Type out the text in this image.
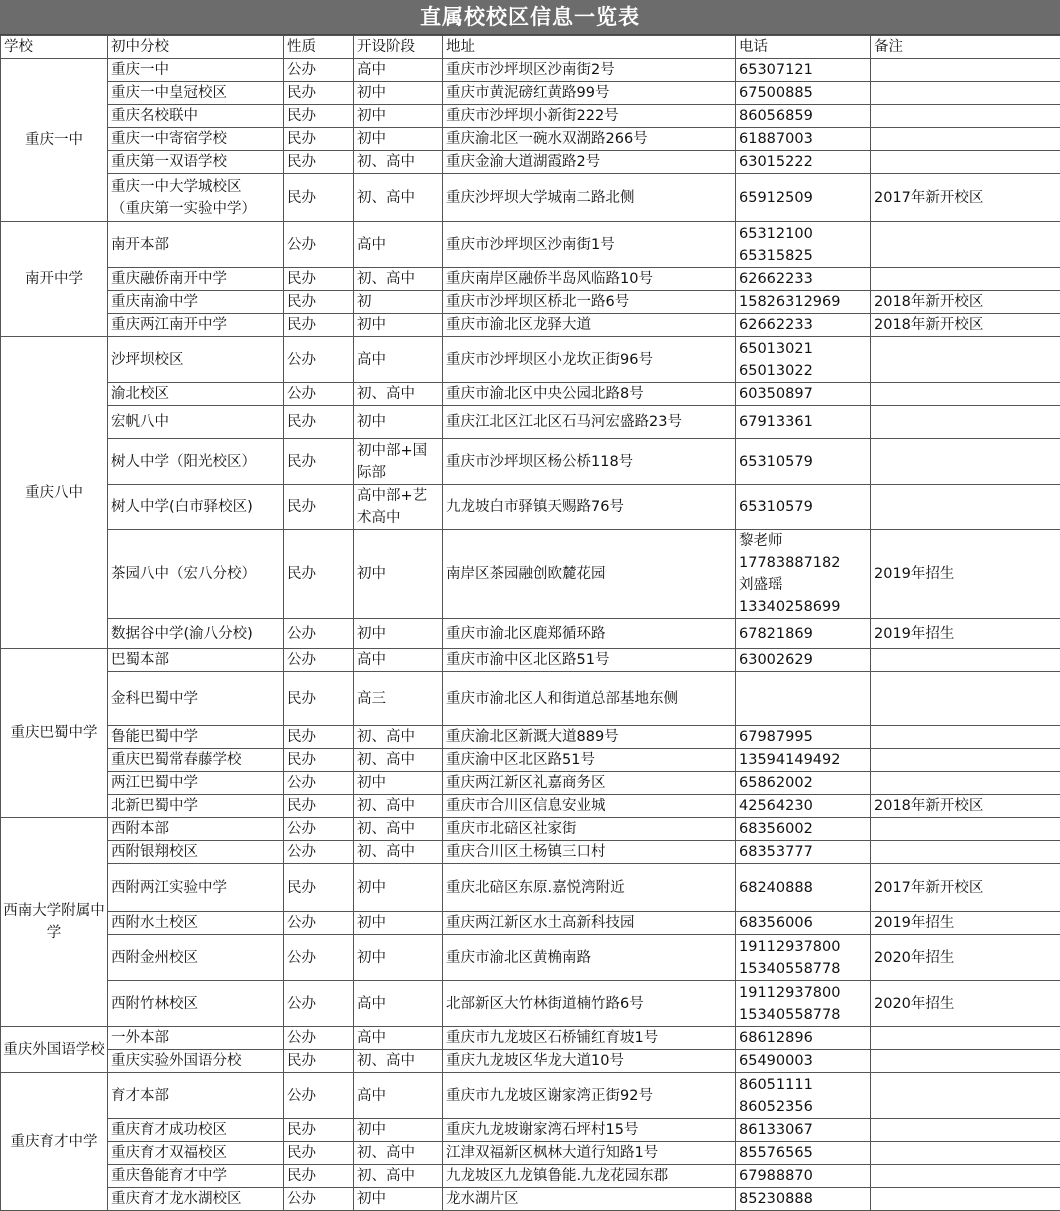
直属校校区信息一览表
学校	初中分校	性质	开设阶段	地址	电话	备注
重庆一中	重庆一中	公办	高中	重庆市沙坪坝区沙南街2号	65307121	
	重庆一中皇冠校区	民办	初中	重庆市黄泥磅红黄路99号	67500885	
	重庆名校联中	民办	初中	重庆市沙坪坝小新街222号	86056859	
	重庆一中寄宿学校	民办	初中	重庆渝北区一碗水双湖路266号	61887003	
	重庆第一双语学校	民办	初、高中	重庆金渝大道湖霞路2号	63015222	
	重庆一中大学城校区
（重庆第一实验中学）	民办	初、高中	重庆沙坪坝大学城南二路北侧	65912509	2017年新开校区
南开中学	南开本部	公办	高中	重庆市沙坪坝区沙南街1号	65312100
65315825	
	重庆融侨南开中学	民办	初、高中	重庆南岸区融侨半岛风临路10号	62662233	
	重庆南渝中学	民办	初	重庆市沙坪坝区桥北一路6号	15826312969	2018年新开校区
	重庆两江南开中学	民办	初中	重庆市渝北区龙驿大道	62662233	2018年新开校区
重庆八中	沙坪坝校区	公办	高中	重庆市沙坪坝区小龙坎正街96号	65013021
65013022	
	渝北校区	公办	初、高中	重庆市渝北区中央公园北路8号	60350897	
	宏帆八中	民办	初中	重庆江北区江北区石马河宏盛路23号	67913361	
	树人中学（阳光校区）	民办	初中部+国际部	重庆市沙坪坝区杨公桥118号	65310579	
	树人中学(白市驿校区)	民办	高中部+艺术高中	九龙坡白市驿镇天赐路76号	65310579	
	茶园八中（宏八分校）	民办	初中	南岸区茶园融创欧麓花园	黎老师
17783887182
刘盛瑶
13340258699	2019年招生
	数据谷中学(渝八分校)	公办	初中	重庆市渝北区鹿郑循环路	67821869	2019年招生
重庆巴蜀中学	巴蜀本部	公办	高中	重庆市渝中区北区路51号	63002629	
	金科巴蜀中学	民办	高三	重庆市渝北区人和街道总部基地东侧		
	鲁能巴蜀中学	民办	初、高中	重庆渝北区新溉大道889号	67987995	
	重庆巴蜀常春藤学校	民办	初、高中	重庆渝中区北区路51号	13594149492	
	两江巴蜀中学	公办	初中	重庆两江新区礼嘉商务区	65862002	
	北新巴蜀中学	民办	初、高中	重庆市合川区信息安业城	42564230	2018年新开校区
西南大学附属中学	西附本部	公办	初、高中	重庆市北碚区社家街	68356002	
	西附银翔校区	公办	初、高中	重庆合川区土杨镇三口村	68353777	
	西附两江实验中学	民办	初中	重庆北碚区东原.嘉悦湾附近	68240888	2017年新开校区
	西附水土校区	公办	初中	重庆两江新区水土高新科技园	68356006	2019年招生
	西附金州校区	公办	初中	重庆市渝北区黄桷南路	19112937800
15340558778	2020年招生
	西附竹林校区	公办	高中	北部新区大竹林街道楠竹路6号	19112937800
15340558778	2020年招生
重庆外国语学校	一外本部	公办	高中	重庆市九龙坡区石桥铺红育坡1号	68612896	
	重庆实验外国语分校	民办	初、高中	重庆九龙坡区华龙大道10号	65490003	
重庆育才中学	育才本部	公办	高中	重庆市九龙坡区谢家湾正街92号	86051111
86052356	
	重庆育才成功校区	民办	初中	重庆九龙坡谢家湾石坪村15号	86133067	
	重庆育才双福校区	民办	初、高中	江津双福新区枫林大道行知路1号	85576565	
	重庆鲁能育才中学	民办	初、高中	九龙坡区九龙镇鲁能.九龙花园东郡	67988870	
	重庆育才龙水湖校区	公办	初中	龙水湖片区	85230888	
